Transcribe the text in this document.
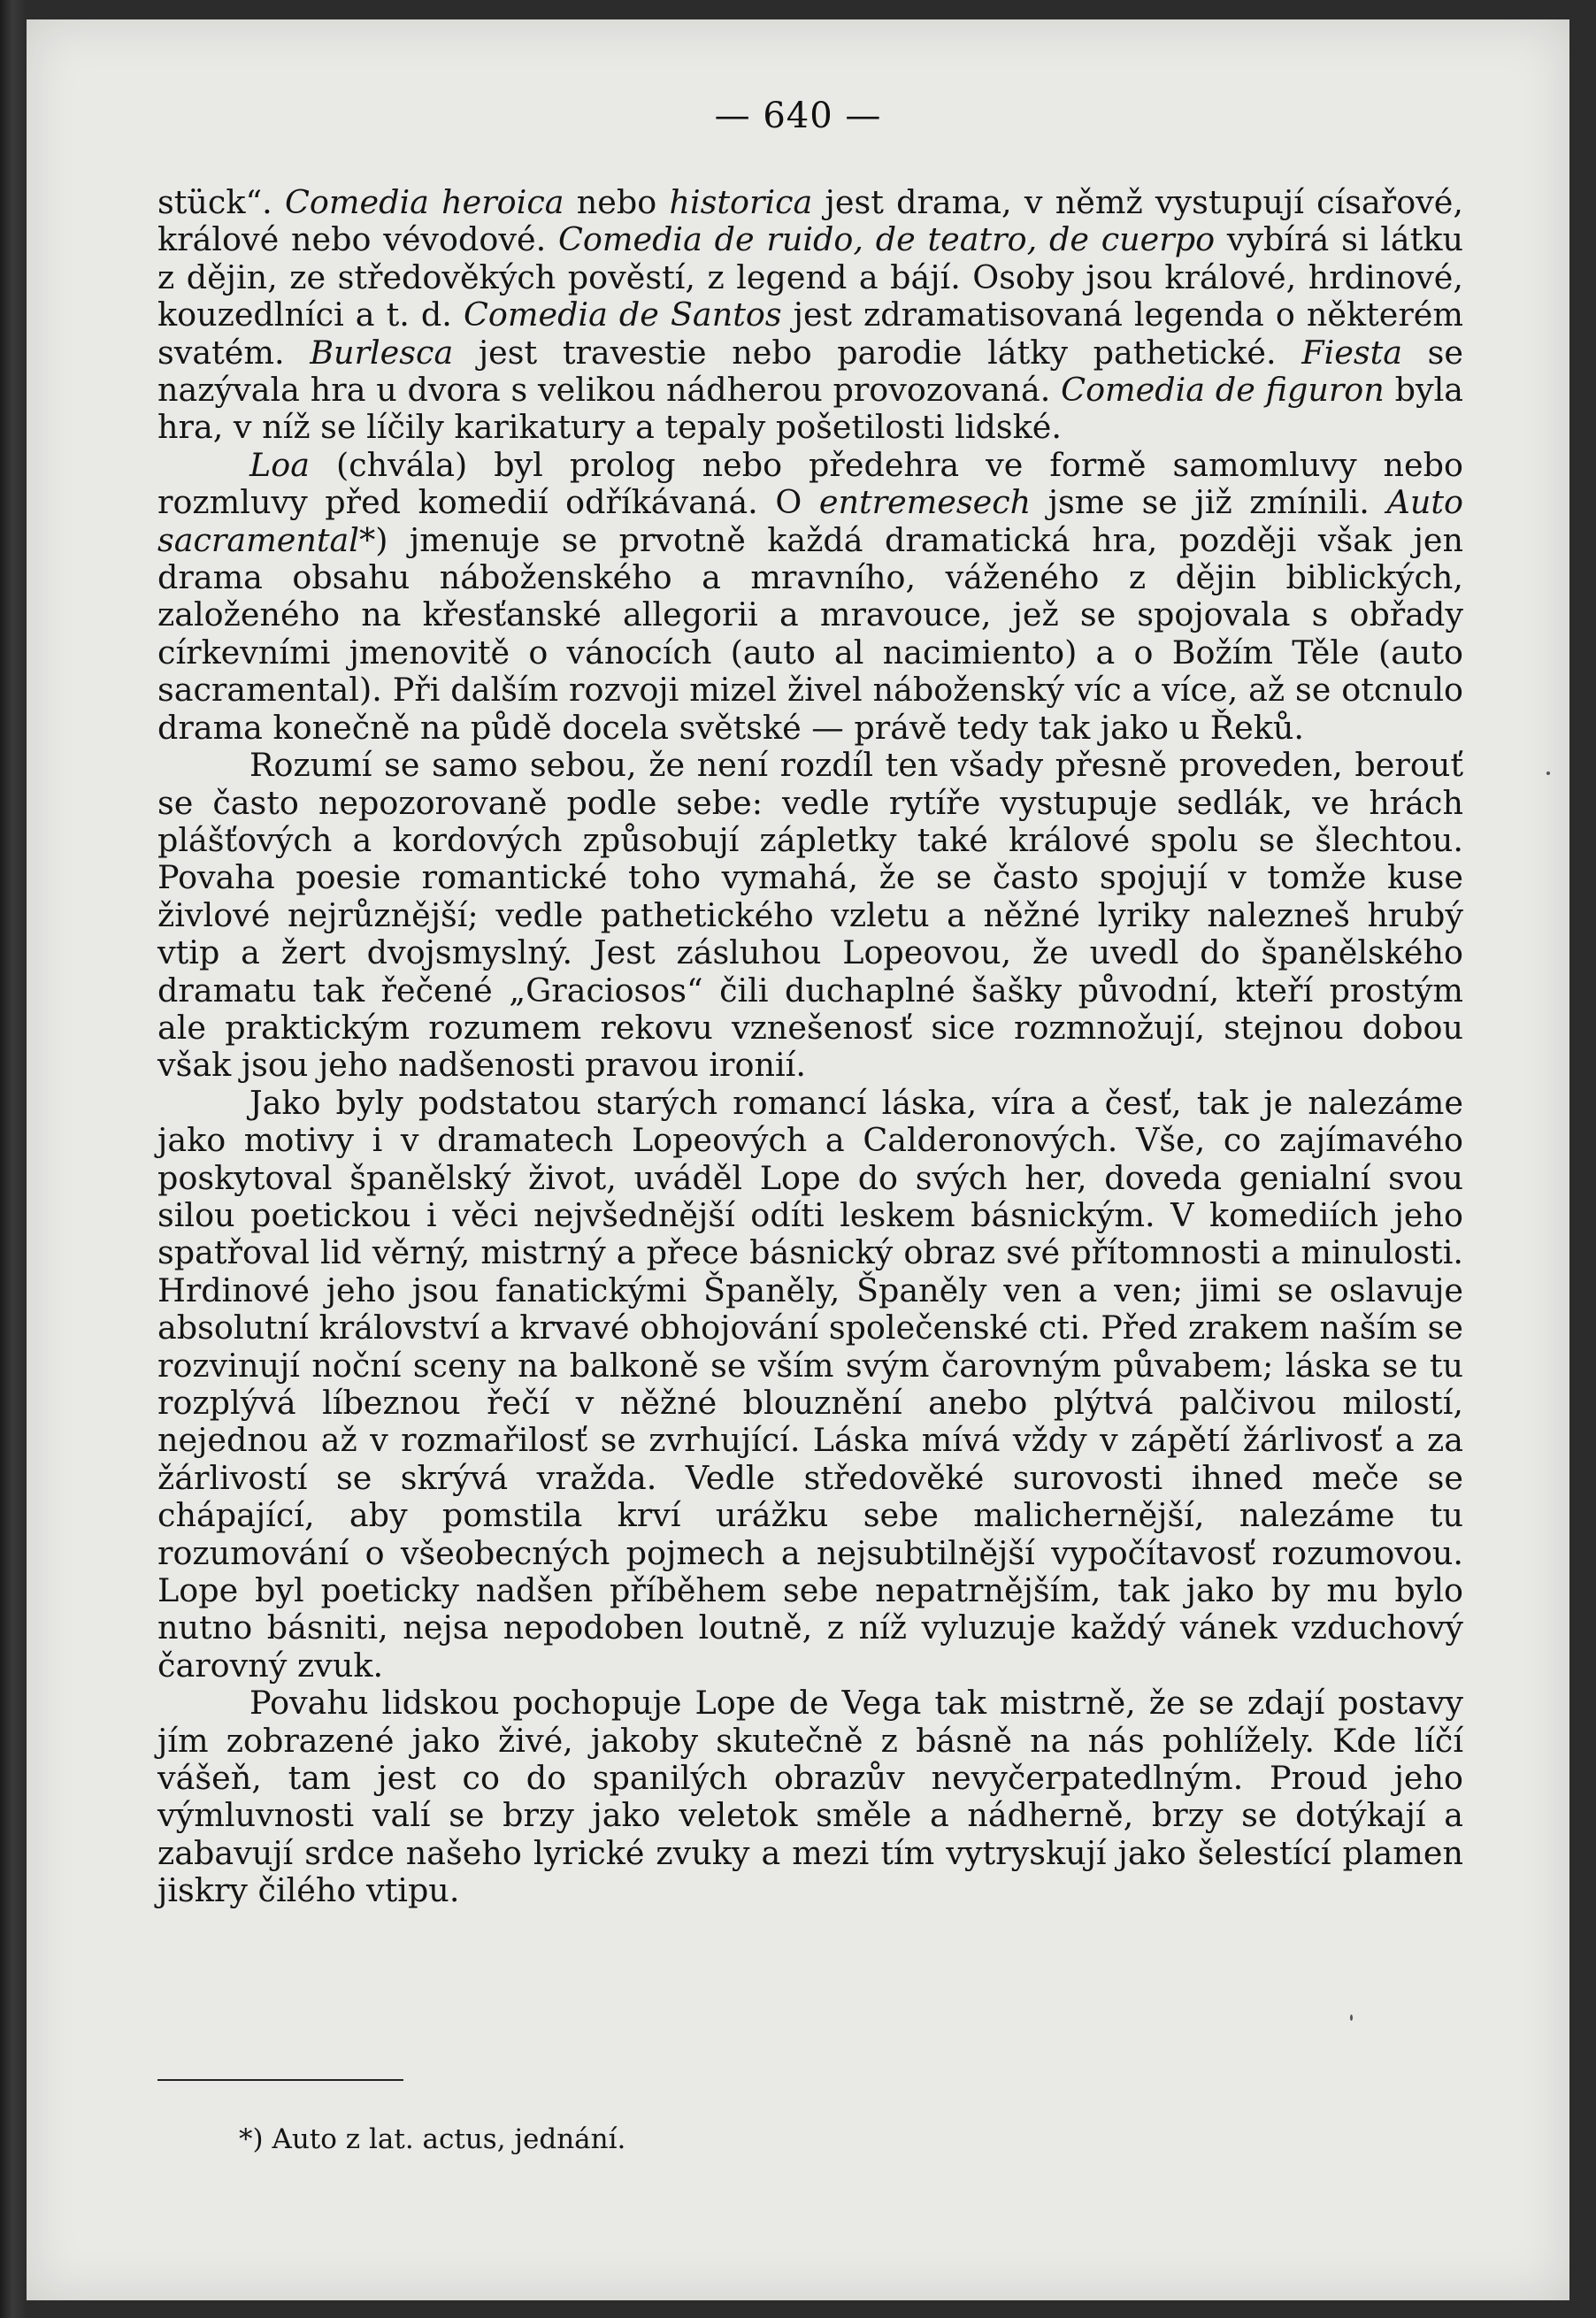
— 640 —

stück“. Comedia heroica nebo historica jest drama, v němž vystupují císařové, králové nebo vévodové. Comedia de ruido, de teatro, de cuerpo vybírá si látku z dějin, ze středověkých pověstí, z legend a bájí. Osoby jsou králové, hrdinové, kouzedlníci a t. d. Comedia de Santos jest zdramatisovaná legenda o některém svatém. Burlesca jest travestie nebo parodie látky pathetické. Fiesta se nazývala hra u dvora s velikou nádherou provozovaná. Comedia de figuron byla hra, v níž se líčily karikatury a tepaly pošetilosti lidské.

Loa (chvála) byl prolog nebo předehra ve formě samomluvy nebo rozmluvy před komedií odříkávaná. O entremesech jsme se již zmínili. Auto sacramental*) jmenuje se prvotně každá dramatická hra, později však jen drama obsahu náboženského a mravního, váženého z dějin biblických, založeného na křesťanské allegorii a mravouce, jež se spojovala s obřady církevními jmenovitě o vánocích (auto al nacimiento) a o Božím Těle (auto sacramental). Při dalším rozvoji mizel živel náboženský víc a více, až se otcnulo drama konečně na půdě docela světské — právě tedy tak jako u Řeků.

Rozumí se samo sebou, že není rozdíl ten všady přesně proveden, berouť se často nepozorovaně podle sebe: vedle rytíře vystupuje sedlák, ve hrách plášťových a kordových způsobují zápletky také králové spolu se šlechtou. Povaha poesie romantické toho vymahá, že se často spojují v tomže kuse živlové nejrůznější; vedle pathetického vzletu a něžné lyriky nalezneš hrubý vtip a žert dvojsmyslný. Jest zásluhou Lopeovou, že uvedl do španělského dramatu tak řečené „Graciosos“ čili duchaplné šašky původní, kteří prostým ale praktickým rozumem rekovu vznešenosť sice rozmnožují, stejnou dobou však jsou jeho nadšenosti pravou ironií.

Jako byly podstatou starých romancí láska, víra a česť, tak je nalezáme jako motivy i v dramatech Lopeových a Calderonových. Vše, co zajímavého poskytoval španělský život, uváděl Lope do svých her, doveda genialní svou silou poetickou i věci nejvšednější odíti leskem básnickým. V komediích jeho spatřoval lid věrný, mistrný a přece básnický obraz své přítomnosti a minulosti. Hrdinové jeho jsou fanatickými Španěly, Španěly ven a ven; jimi se oslavuje absolutní království a krvavé obhojování společenské cti. Před zrakem naším se rozvinují noční sceny na balkoně se vším svým čarovným půvabem; láska se tu rozplývá líbeznou řečí v něžné blouznění anebo plýtvá palčivou milostí, nejednou až v rozmařilosť se zvrhující. Láska mívá vždy v zápětí žárlivosť a za žárlivostí se skrývá vražda. Vedle středověké surovosti ihned meče se chápající, aby pomstila krví urážku sebe malichernější, nalezáme tu rozumování o všeobecných pojmech a nejsubtilnější vypočítavosť rozumovou. Lope byl poeticky nadšen příběhem sebe nepatrnějším, tak jako by mu bylo nutno básniti, nejsa nepodoben loutně, z níž vyluzuje každý vánek vzduchový čarovný zvuk.

Povahu lidskou pochopuje Lope de Vega tak mistrně, že se zdají postavy jím zobrazené jako živé, jakoby skutečně z básně na nás pohlížely. Kde líčí vášeň, tam jest co do spanilých obrazův nevyčerpatedlným. Proud jeho výmluvnosti valí se brzy jako veletok směle a nádherně, brzy se dotýkají a zabavují srdce našeho lyrické zvuky a mezi tím vytryskují jako šelestící plamen jiskry čilého vtipu.

*) Auto z lat. actus, jednání.
